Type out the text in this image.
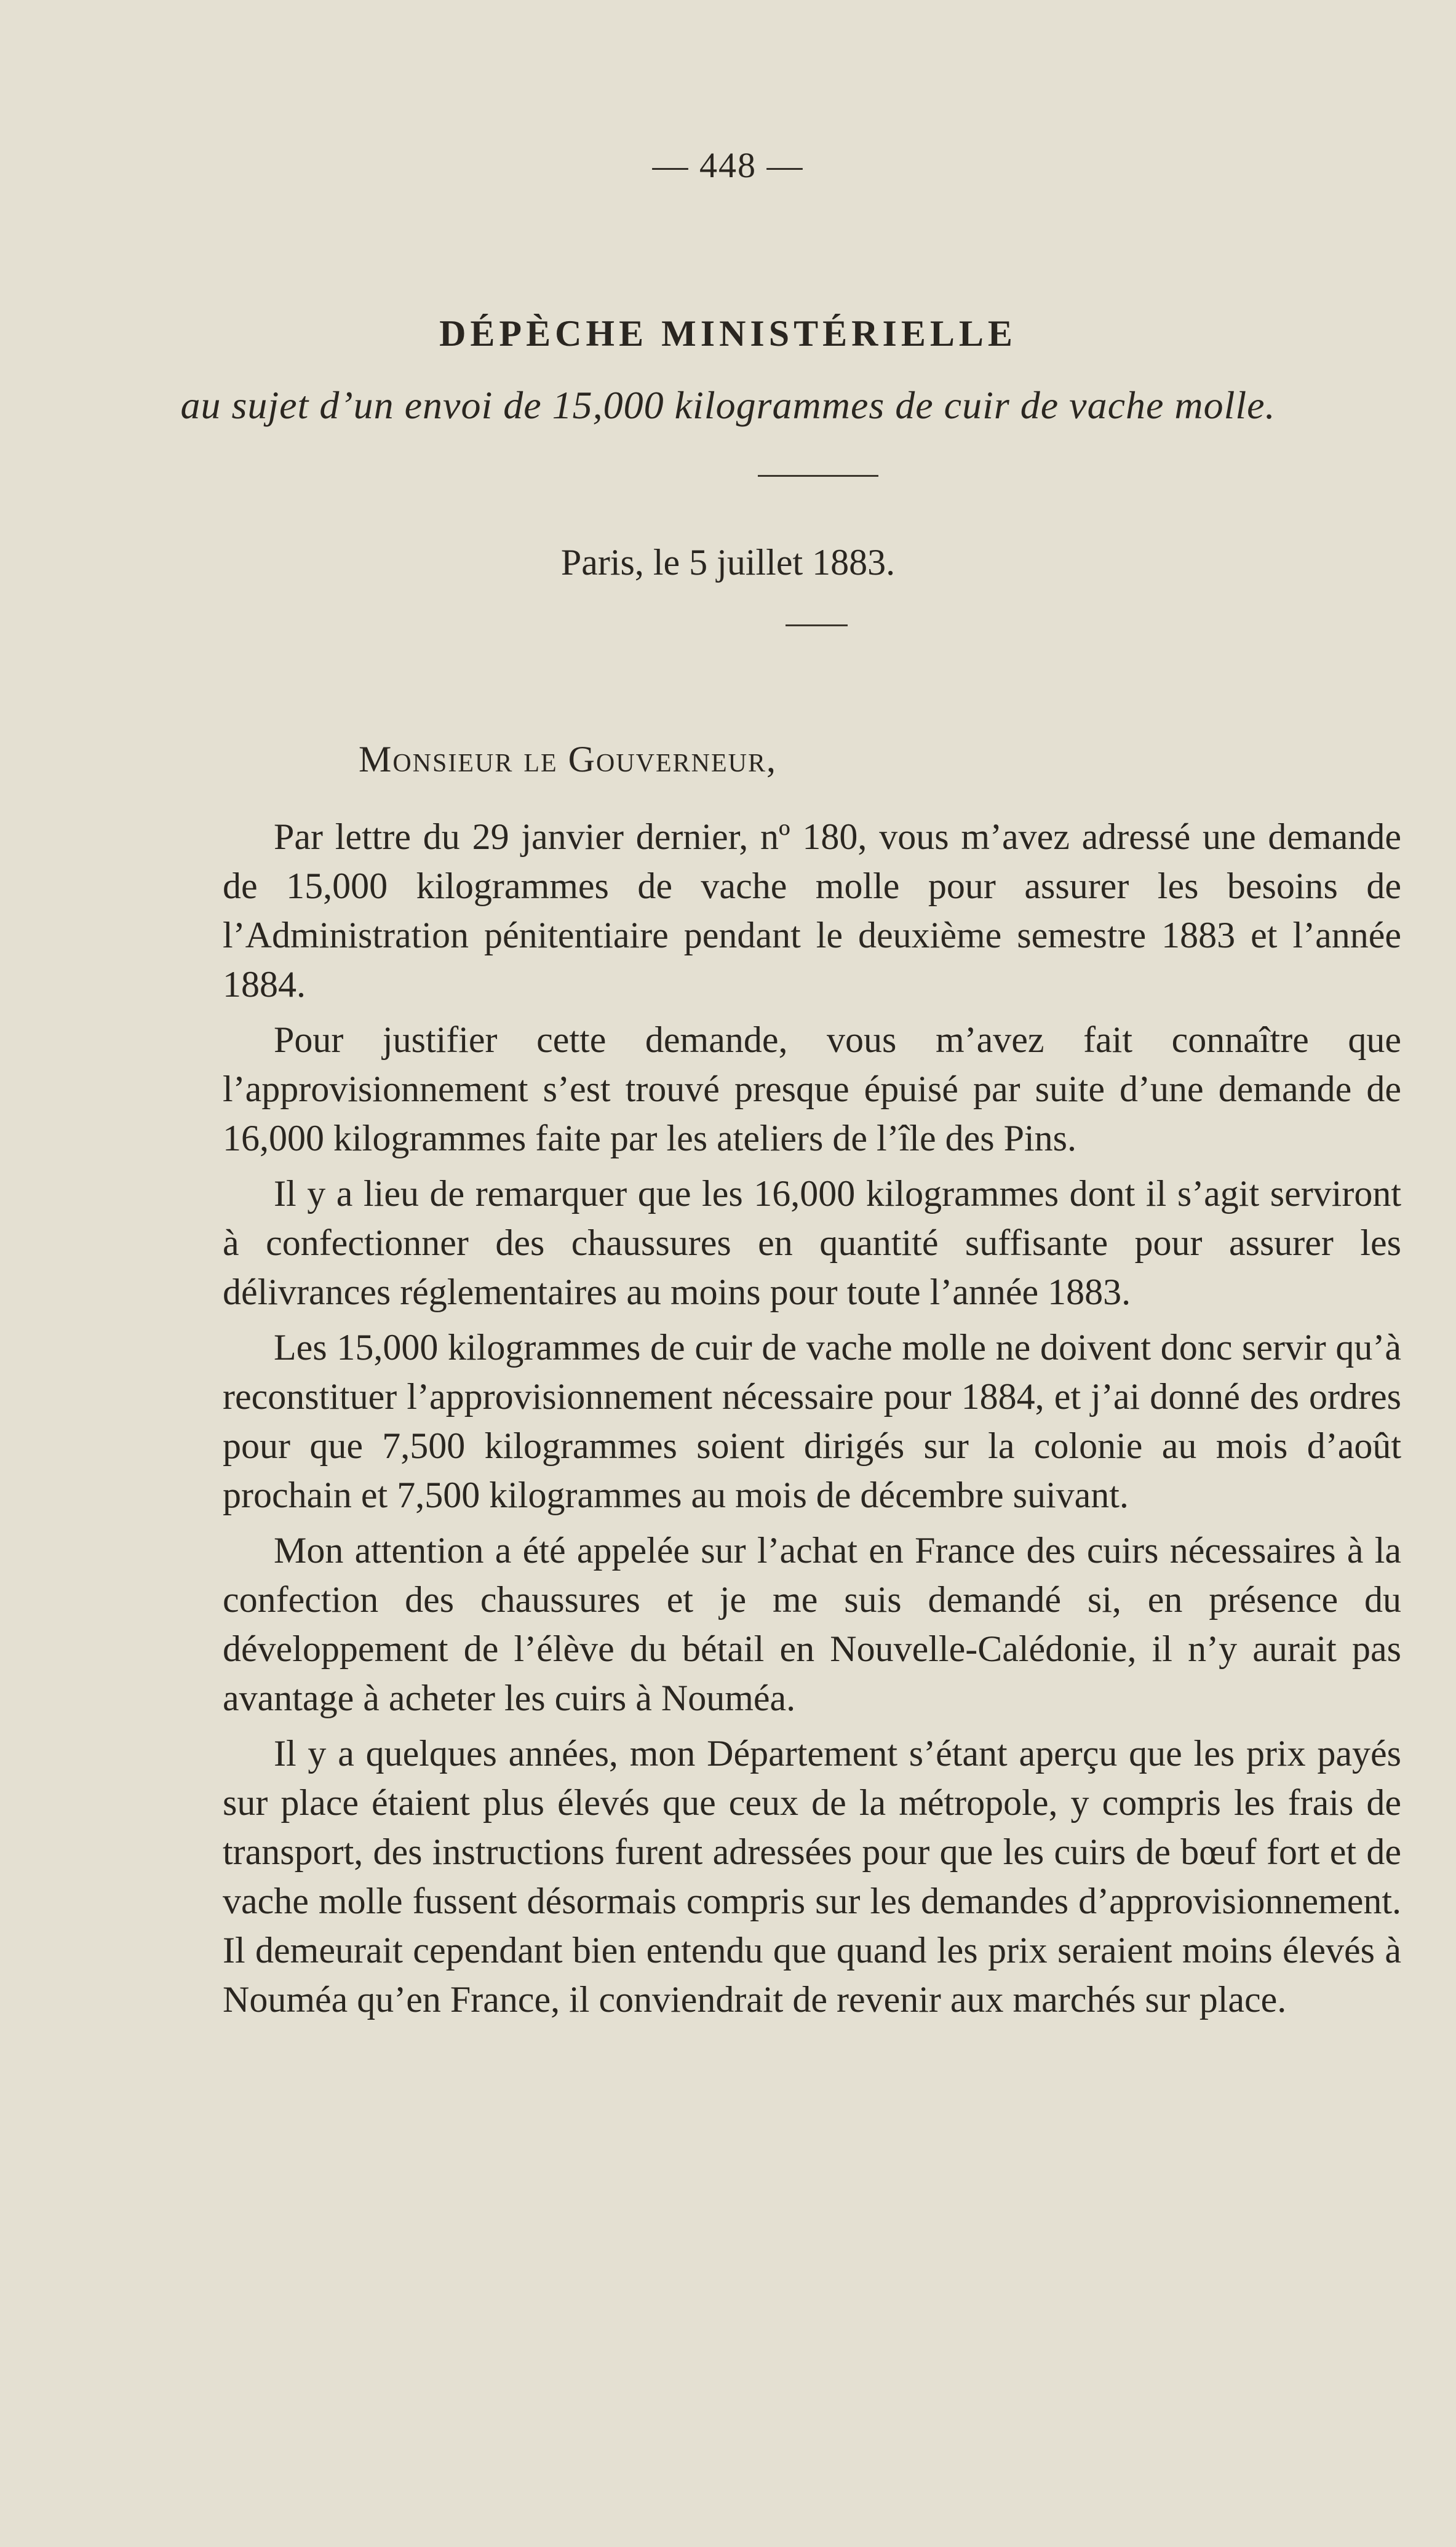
— 448 —
DÉPÈCHE MINISTÉRIELLE
au sujet d’un envoi de 15,000 kilogrammes de cuir de vache molle.
Paris, le 5 juillet 1883.
Monsieur le Gouverneur,

Par lettre du 29 janvier dernier, nº 180, vous m’avez adressé une demande de 15,000 kilogrammes de vache molle pour assurer les besoins de l’Administration pénitentiaire pendant le deuxième semestre 1883 et l’année 1884.

Pour justifier cette demande, vous m’avez fait connaître que l’approvisionnement s’est trouvé presque épuisé par suite d’une demande de 16,000 kilogrammes faite par les ateliers de l’île des Pins.

Il y a lieu de remarquer que les 16,000 kilogrammes dont il s’agit serviront à confectionner des chaussures en quantité suffisante pour assurer les délivrances réglementaires au moins pour toute l’année 1883.

Les 15,000 kilogrammes de cuir de vache molle ne doivent donc servir qu’à reconstituer l’approvisionnement nécessaire pour 1884, et j’ai donné des ordres pour que 7,500 kilogrammes soient dirigés sur la colonie au mois d’août prochain et 7,500 kilogrammes au mois de décembre suivant.

Mon attention a été appelée sur l’achat en France des cuirs nécessaires à la confection des chaussures et je me suis demandé si, en présence du développement de l’élève du bétail en Nouvelle-Calédonie, il n’y aurait pas avantage à acheter les cuirs à Nouméa.

Il y a quelques années, mon Département s’étant aperçu que les prix payés sur place étaient plus élevés que ceux de la métropole, y compris les frais de transport, des instructions furent adressées pour que les cuirs de bœuf fort et de vache molle fussent désormais compris sur les demandes d’approvisionnement. Il demeurait cependant bien entendu que quand les prix seraient moins élevés à Nouméa qu’en France, il conviendrait de revenir aux marchés sur place.
